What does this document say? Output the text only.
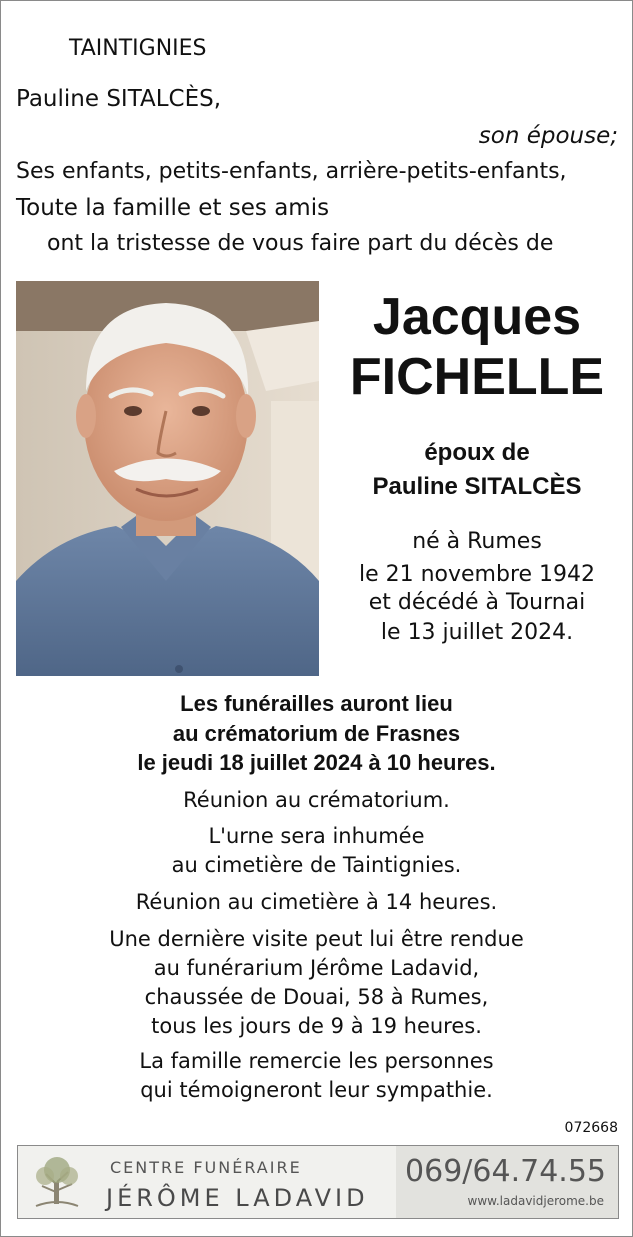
TAINTIGNIES
Pauline SITALCÈS,
son épouse;
Ses enfants, petits-enfants, arrière-petits-enfants,
Toute la famille et ses amis
ont la tristesse de vous faire part du décès de
Jacques
FICHELLE
époux de
Pauline SITALCÈS
né à Rumes
le 21 novembre 1942
et décédé à Tournai
le 13 juillet 2024.
Les funérailles auront lieu
au crématorium de Frasnes
le jeudi 18 juillet 2024 à 10 heures.
Réunion au crématorium.
L'urne sera inhumée
au cimetière de Taintignies.
Réunion au cimetière à 14 heures.
Une dernière visite peut lui être rendue
au funérarium Jérôme Ladavid,
chaussée de Douai, 58 à Rumes,
tous les jours de 9 à 19 heures.
La famille remercie les personnes
qui témoigneront leur sympathie.
072668
CENTRE FUNÉRAIRE
JÉRÔME LADAVID
069/64.74.55
www.ladavidjerome.be
